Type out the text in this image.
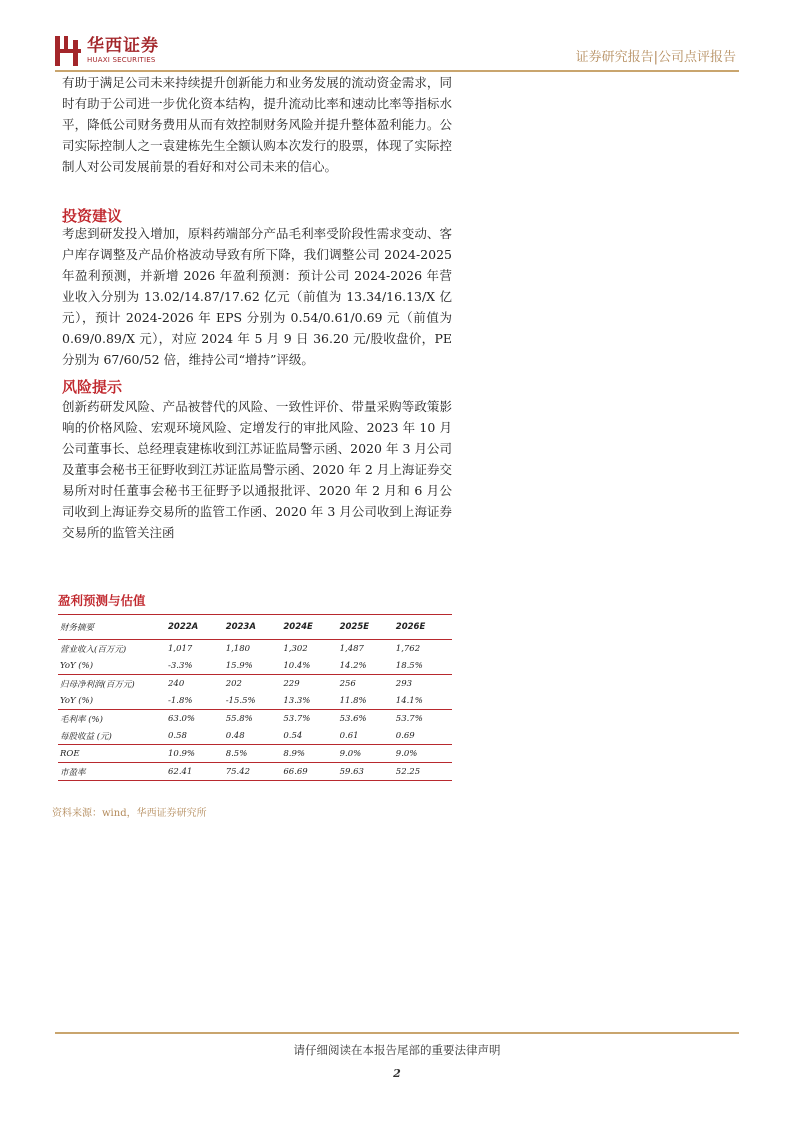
华西证券
HUAXI SECURITIES	证券研究报告|公司点评报告

有助于满足公司未来持续提升创新能力和业务发展的流动资金需求，同时有助于公司进一步优化资本结构，提升流动比率和速动比率等指标水平，降低公司财务费用从而有效控制财务风险并提升整体盈利能力。公司实际控制人之一袁建栋先生全额认购本次发行的股票，体现了实际控制人对公司发展前景的看好和对公司未来的信心。

投资建议

考虑到研发投入增加，原料药端部分产品毛利率受阶段性需求变动、客户库存调整及产品价格波动导致有所下降，我们调整公司 2024-2025 年盈利预测，并新增 2026 年盈利预测：预计公司 2024-2026 年营业收入分别为 13.02/14.87/17.62 亿元（前值为 13.34/16.13/X 亿元），预计 2024-2026 年 EPS 分别为 0.54/0.61/0.69 元（前值为 0.69/0.89/X 元），对应 2024 年 5 月 9 日 36.20 元/股收盘价，PE 分别为 67/60/52 倍，维持公司“增持”评级。

风险提示

创新药研发风险、产品被替代的风险、一致性评价、带量采购等政策影响的价格风险、宏观环境风险、定增发行的审批风险、2023 年 10 月公司董事长、总经理袁建栋收到江苏证监局警示函、2020 年 3 月公司及董事会秘书王征野收到江苏证监局警示函、2020 年 2 月上海证券交易所对时任董事会秘书王征野予以通报批评、2020 年 2 月和 6 月公司收到上海证券交易所的监管工作函、2020 年 3 月公司收到上海证券交易所的监管关注函

盈利预测与估值
财务摘要	2022A	2023A	2024E	2025E	2026E
营业收入(百万元)	1,017	1,180	1,302	1,487	1,762
YoY (%)	-3.3%	15.9%	10.4%	14.2%	18.5%
归母净利润(百万元)	240	202	229	256	293
YoY (%)	-1.8%	-15.5%	13.3%	11.8%	14.1%
毛利率 (%)	63.0%	55.8%	53.7%	53.6%	53.7%
每股收益 (元)	0.58	0.48	0.54	0.61	0.69
ROE	10.9%	8.5%	8.9%	9.0%	9.0%
市盈率	62.41	75.42	66.69	59.63	52.25
资料来源：wind，华西证券研究所
请仔细阅读在本报告尾部的重要法律声明
2
